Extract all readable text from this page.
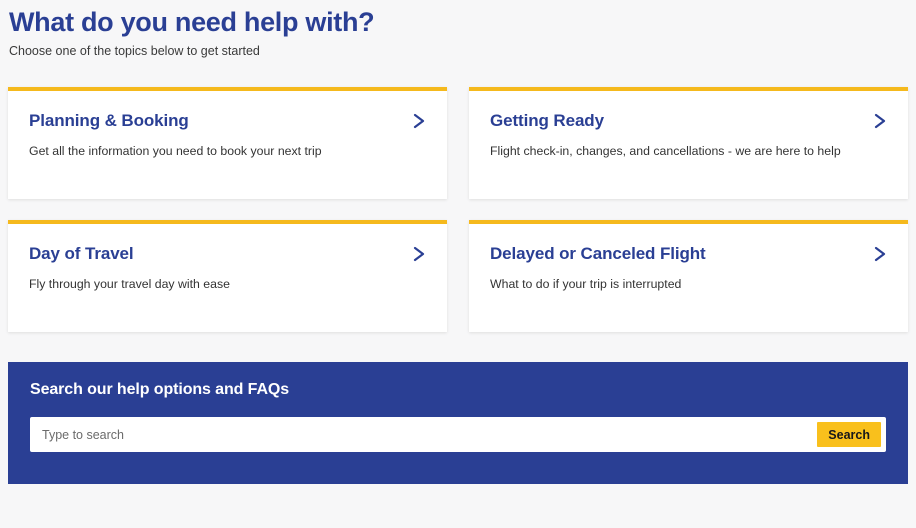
What do you need help with?

Choose one of the topics below to get started

Planning & Booking
Get all the information you need to book your next trip
Getting Ready
Flight check-in, changes, and cancellations - we are here to help
Day of Travel
Fly through your travel day with ease
Delayed or Canceled Flight
What to do if your trip is interrupted
Search our help options and FAQs
Type to search
Search
